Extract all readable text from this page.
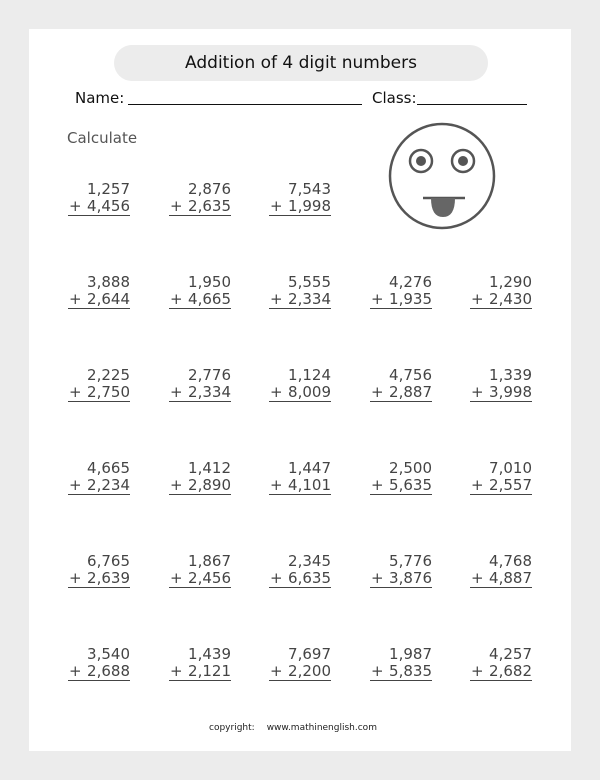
Addition of 4 digit numbers
Name:	Class:
Calculate
1,257
+ 4,456
2,876
+ 2,635
7,543
+ 1,998
3,888
+ 2,644
1,950
+ 4,665
5,555
+ 2,334
4,276
+ 1,935
1,290
+ 2,430
2,225
+ 2,750
2,776
+ 2,334
1,124
+ 8,009
4,756
+ 2,887
1,339
+ 3,998
4,665
+ 2,234
1,412
+ 2,890
1,447
+ 4,101
2,500
+ 5,635
7,010
+ 2,557
6,765
+ 2,639
1,867
+ 2,456
2,345
+ 6,635
5,776
+ 3,876
4,768
+ 4,887
3,540
+ 2,688
1,439
+ 2,121
7,697
+ 2,200
1,987
+ 5,835
4,257
+ 2,682
copyright: www.mathinenglish.com
